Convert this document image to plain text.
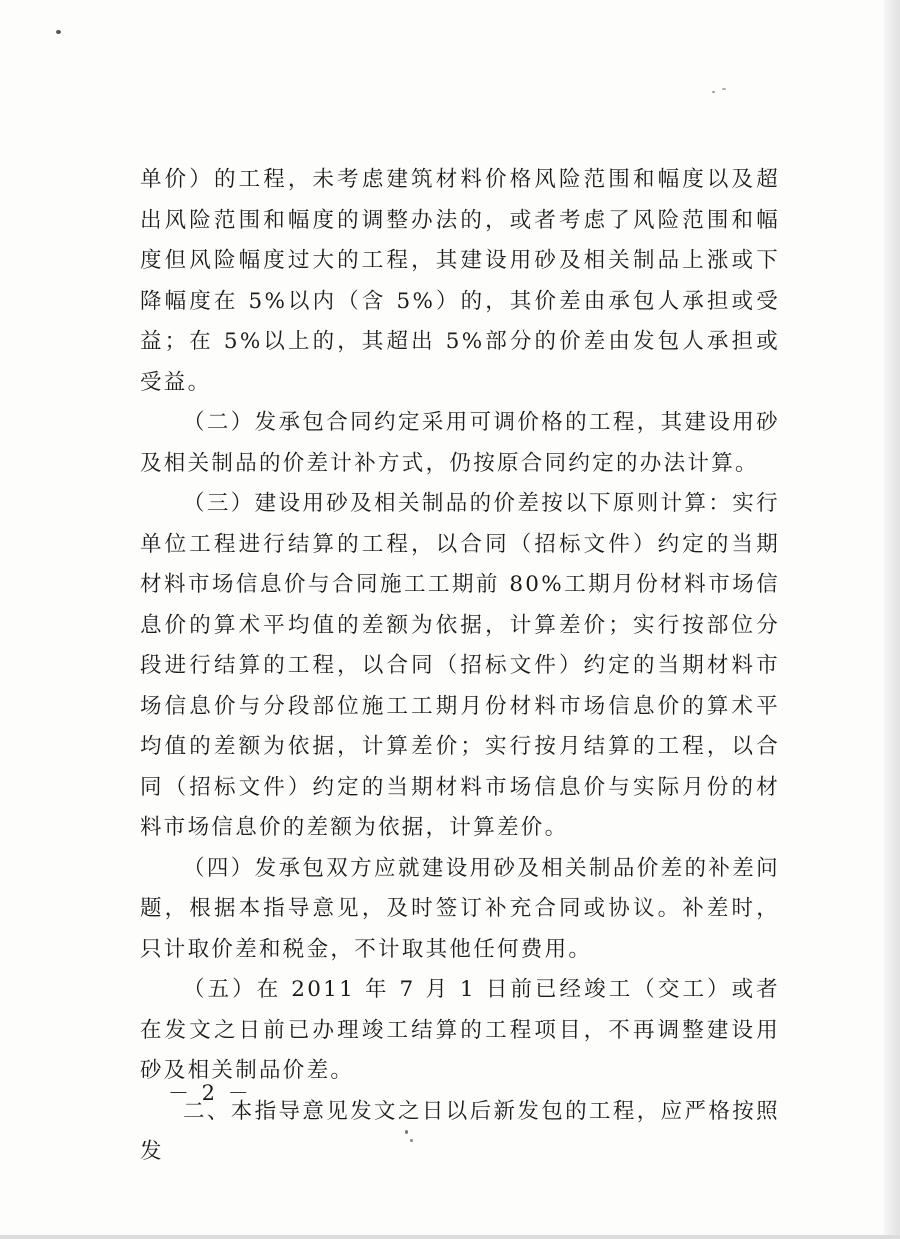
单价）的工程，未考虑建筑材料价格风险范围和幅度以及超出风险范围和幅度的调整办法的，或者考虑了风险范围和幅度但风险幅度过大的工程，其建设用砂及相关制品上涨或下降幅度在 5%以内（含 5%）的，其价差由承包人承担或受益；在 5%以上的，其超出 5%部分的价差由发包人承担或受益。

（二）发承包合同约定采用可调价格的工程，其建设用砂及相关制品的价差计补方式，仍按原合同约定的办法计算。

（三）建设用砂及相关制品的价差按以下原则计算：实行单位工程进行结算的工程，以合同（招标文件）约定的当期材料市场信息价与合同施工工期前 80%工期月份材料市场信息价的算术平均值的差额为依据，计算差价；实行按部位分段进行结算的工程，以合同（招标文件）约定的当期材料市场信息价与分段部位施工工期月份材料市场信息价的算术平均值的差额为依据，计算差价；实行按月结算的工程，以合同（招标文件）约定的当期材料市场信息价与实际月份的材料市场信息价的差额为依据，计算差价。

（四）发承包双方应就建设用砂及相关制品价差的补差问题，根据本指导意见，及时签订补充合同或协议。补差时，只计取价差和税金，不计取其他任何费用。

（五）在 2011 年 7 月 1 日前已经竣工（交工）或者在发文之日前已办理竣工结算的工程项目，不再调整建设用砂及相关制品价差。

二、本指导意见发文之日以后新发包的工程，应严格按照发

－ 2 －
